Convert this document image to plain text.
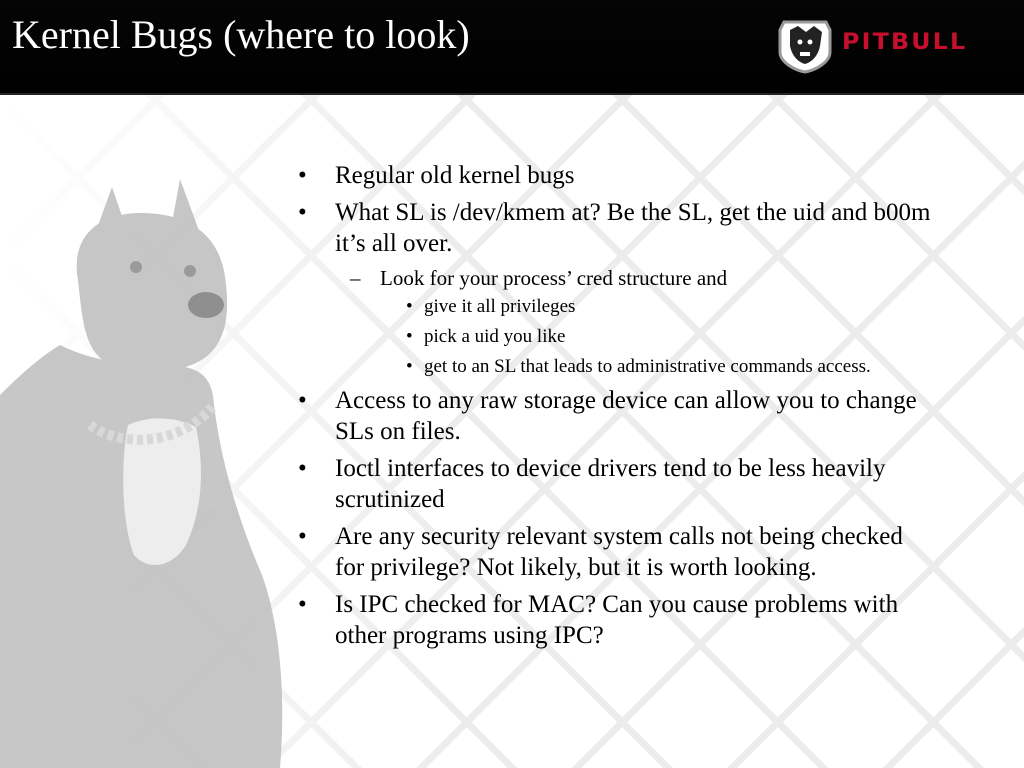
Kernel Bugs (where to look)	PITBULL
• Regular old kernel bugs
• What SL is /dev/kmem at? Be the SL, get the uid and b00m it’s all over.
– Look for your process’ cred structure and
• give it all privileges
• pick a uid you like
• get to an SL that leads to administrative commands access.
• Access to any raw storage device can allow you to change SLs on files.
• Ioctl interfaces to device drivers tend to be less heavily scrutinized
• Are any security relevant system calls not being checked for privilege? Not likely, but it is worth looking.
• Is IPC checked for MAC? Can you cause problems with other programs using IPC?
